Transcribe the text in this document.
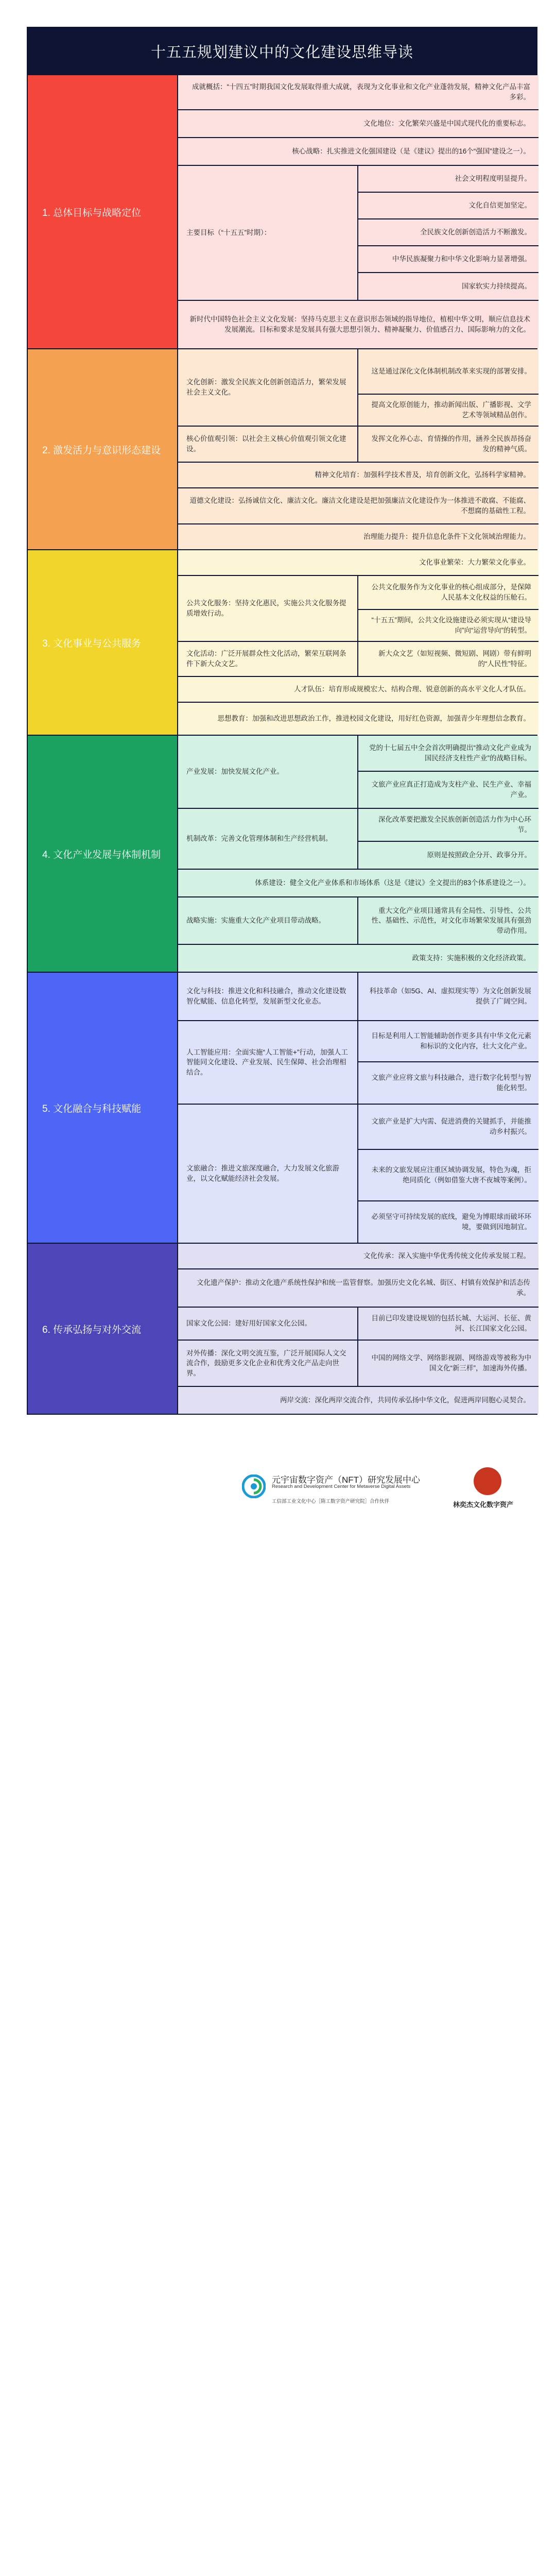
十五五规划建议中的文化建设思维导读
1. 总体目标与战略定位
成就概括：“十四五”时期我国文化发展取得重大成就，表现为文化事业和文化产业蓬勃发展，精神文化产品丰富多彩。
文化地位：文化繁荣兴盛是中国式现代化的重要标志。
核心战略：扎实推进文化强国建设（是《建议》提出的16个“强国”建设之一）。
主要目标（“十五五”时期）：
社会文明程度明显提升。
文化自信更加坚定。
全民族文化创新创造活力不断激发。
中华民族凝聚力和中华文化影响力显著增强。
国家软实力持续提高。
新时代中国特色社会主义文化发展：坚持马克思主义在意识形态领域的指导地位，植根中华文明，顺应信息技术发展潮流。目标和要求是发展具有强大思想引领力、精神凝聚力、价值感召力、国际影响力的文化。
2. 激发活力与意识形态建设
文化创新：激发全民族文化创新创造活力，繁荣发展社会主义文化。
这是通过深化文化体制机制改革来实现的部署安排。
提高文化原创能力，推动新闻出版、广播影视、文学艺术等领域精品创作。
核心价值观引领：以社会主义核心价值观引领文化建设。
发挥文化养心志、育情操的作用，涵养全民族昂扬奋发的精神气质。
精神文化培育：加强科学技术普及，培育创新文化，弘扬科学家精神。
道德文化建设：弘扬诚信文化、廉洁文化。廉洁文化建设是把加强廉洁文化建设作为一体推进不敢腐、不能腐、不想腐的基础性工程。
治理能力提升：提升信息化条件下文化领域治理能力。
3. 文化事业与公共服务
文化事业繁荣：大力繁荣文化事业。
公共文化服务：坚持文化惠民，实施公共文化服务提质增效行动。
公共文化服务作为文化事业的核心组成部分，是保障人民基本文化权益的压舱石。
“十五五”期间，公共文化设施建设必须实现从“建设导向”向“运营导向”的转型。
文化活动：广泛开展群众性文化活动，繁荣互联网条件下新大众文艺。
新大众文艺（如短视频、微短剧、网剧）带有鲜明的“人民性”特征。
人才队伍：培育形成规模宏大、结构合理、锐意创新的高水平文化人才队伍。
思想教育：加强和改进思想政治工作，推进校园文化建设，用好红色资源，加强青少年理想信念教育。
4. 文化产业发展与体制机制
产业发展：加快发展文化产业。
党的十七届五中全会首次明确提出“推动文化产业成为国民经济支柱性产业”的战略目标。
文旅产业应真正打造成为支柱产业、民生产业、幸福产业。
机制改革：完善文化管理体制和生产经营机制。
深化改革要把激发全民族创新创造活力作为中心环节。
原则是按照政企分开、政事分开。
体系建设：健全文化产业体系和市场体系（这是《建议》全文提出的83个体系建设之一）。
战略实施：实施重大文化产业项目带动战略。
重大文化产业项目通常具有全局性、引导性、公共性、基础性、示范性，对文化市场繁荣发展具有强劲带动作用。
政策支持：实施积极的文化经济政策。
5. 文化融合与科技赋能
文化与科技：推进文化和科技融合，推动文化建设数智化赋能、信息化转型，发展新型文化业态。
科技革命（如5G、AI、虚拟现实等）为文化创新发展提供了广阔空间。
人工智能应用：全面实施“人工智能+”行动，加强人工智能同文化建设、产业发展、民生保障、社会治理相结合。
目标是利用人工智能辅助创作更多具有中华文化元素和标识的文化内容，壮大文化产业。
文旅产业应将文旅与科技融合，进行数字化转型与智能化转型。
文旅融合：推进文旅深度融合，大力发展文化旅游业，以文化赋能经济社会发展。
文旅产业是扩大内需、促进消费的关键抓手，并能推动乡村振兴。
未来的文旅发展应注重区域协调发展，特色为魂，拒绝同质化（例如借鉴大唐不夜城等案例）。
必须坚守可持续发展的底线，避免为博眼球而破坏环境，要做到因地制宜。
6. 传承弘扬与对外交流
文化传承：深入实施中华优秀传统文化传承发展工程。
文化遗产保护：推动文化遗产系统性保护和统一监管督察。加强历史文化名城、街区、村镇有效保护和活态传承。
国家文化公园：建好用好国家文化公园。
目前已印发建设规划的包括长城、大运河、长征、黄河、长江国家文化公园。
对外传播：深化文明交流互鉴，广泛开展国际人文交流合作，鼓励更多文化企业和优秀文化产品走向世界。
中国的网络文学、网络影视剧、网络游戏等被称为中国文化“新三样”，加速海外传播。
两岸交流：深化两岸交流合作，共同传承弘扬中华文化，促进两岸同胞心灵契合。
元宇宙数字资产（NFT）研究发展中心
Research and Development Center for Metaverse Digital Assets
工信部工业文化中心［隋工数字资产研究院］合作伙伴	林奕杰文化数字资产
